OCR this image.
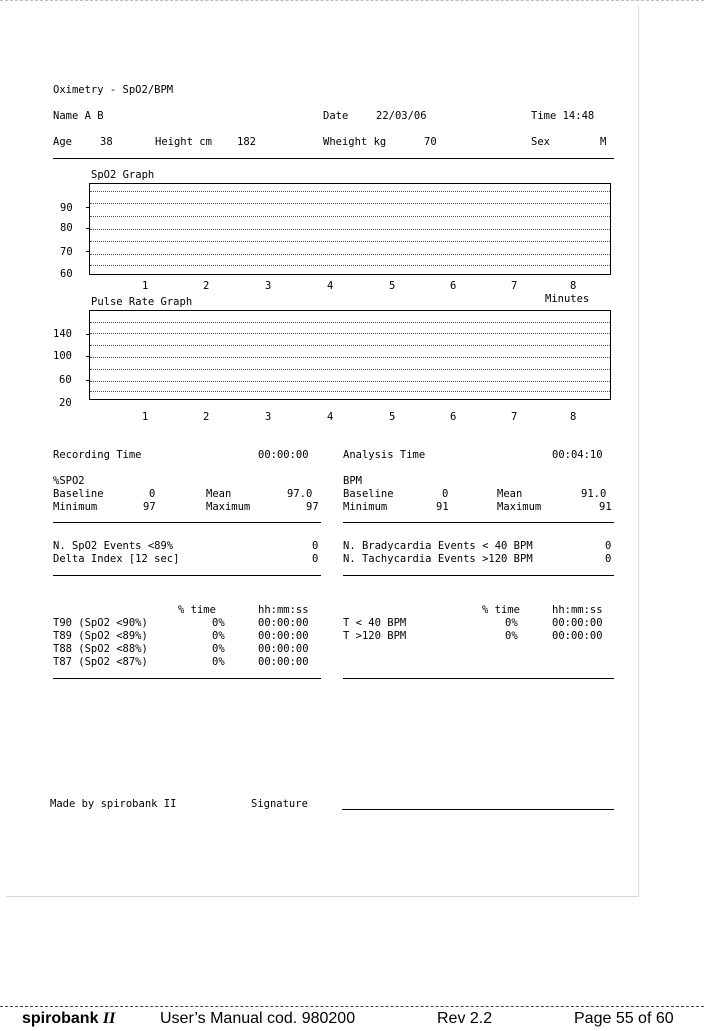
Oximetry - SpO2/BPM
Name A B	Date	22/03/06	Time 14:48
Age	38	Height cm 182	Wheight kg	70	Sex	M
SpO2 Graph
90
80
70
60
1	2	3	4	5	6	7	8
Minutes
Pulse Rate Graph
140
100
60
20
1	2	3	4	5	6	7	8
Recording Time	00:00:00	Analysis Time	00:04:10
%SPO2
Baseline	0	Mean	97.0
Minimum	97	Maximum	97
BPM
Baseline	0	Mean	91.0
Minimum	91	Maximum	91
N. SpO2 Events <89%	0
Delta Index [12 sec]	0
N. Bradycardia Events < 40 BPM	0
N. Tachycardia Events >120 BPM	0
% time	hh:mm:ss
T90 (SpO2 <90%)	0%	00:00:00
T89 (SpO2 <89%)	0%	00:00:00
T88 (SpO2 <88%)	0%	00:00:00
T87 (SpO2 <87%)	0%	00:00:00
% time	hh:mm:ss
T < 40 BPM	0%	00:00:00
T >120 BPM	0%	00:00:00
Made by spirobank II	Signature
spirobank II	User’s Manual cod. 980200	Rev 2.2	Page 55 of 60
